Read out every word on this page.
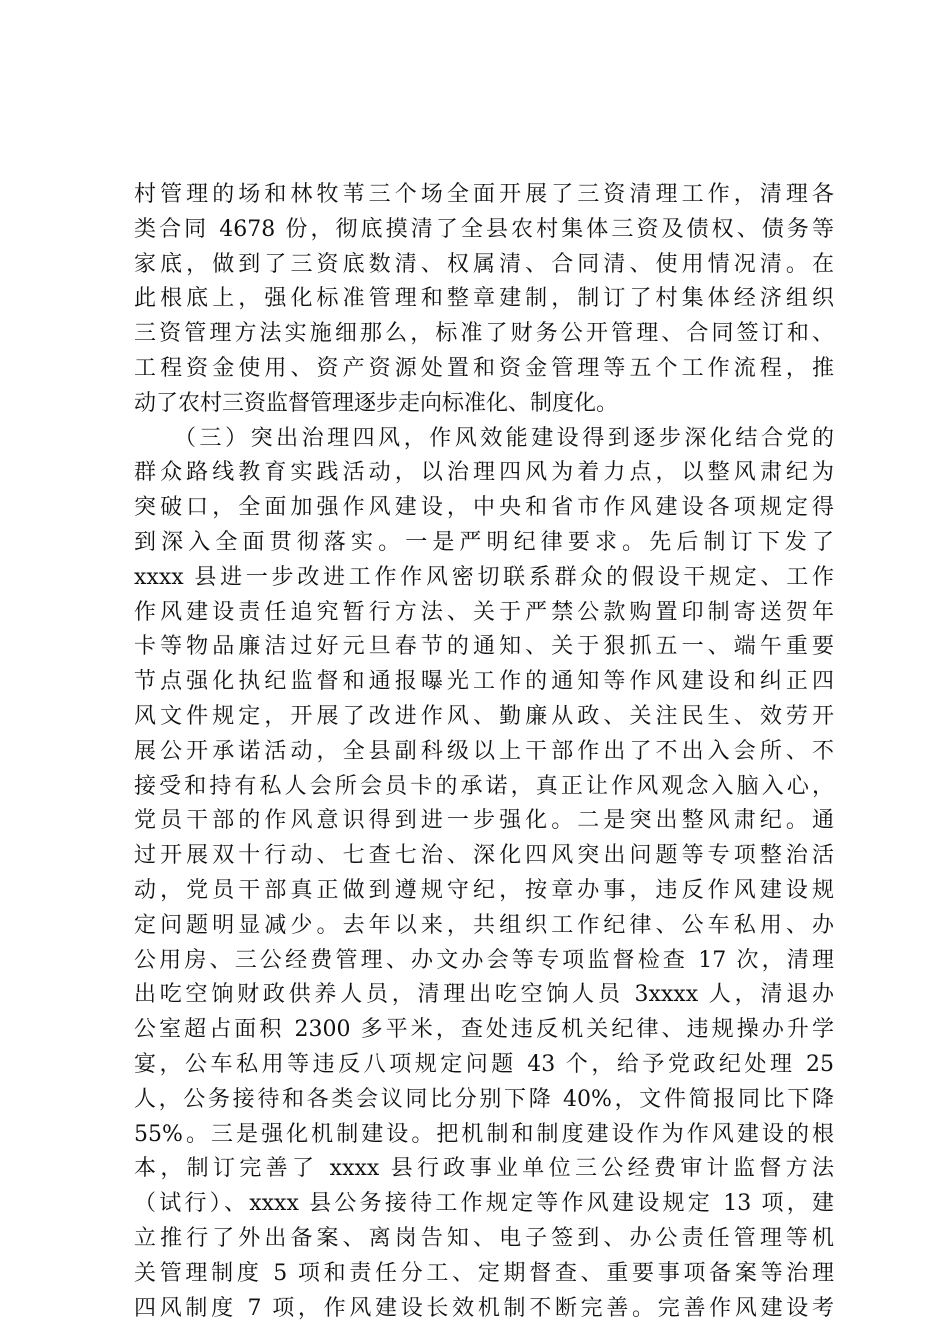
村管理的场和林牧苇三个场全面开展了三资清理工作，清理各
类合同 4678 份，彻底摸清了全县农村集体三资及债权、债务等
家底，做到了三资底数清、权属清、合同清、使用情况清。在
此根底上，强化标准管理和整章建制，制订了村集体经济组织
三资管理方法实施细那么，标准了财务公开管理、合同签订和、
工程资金使用、资产资源处置和资金管理等五个工作流程，推
动了农村三资监督管理逐步走向标准化、制度化。
　　（三）突出治理四风，作风效能建设得到逐步深化结合党的
群众路线教育实践活动，以治理四风为着力点，以整风肃纪为
突破口，全面加强作风建设，中央和省市作风建设各项规定得
到深入全面贯彻落实。一是严明纪律要求。先后制订下发了
xxxx 县进一步改进工作作风密切联系群众的假设干规定、工作
作风建设责任追究暂行方法、关于严禁公款购置印制寄送贺年
卡等物品廉洁过好元旦春节的通知、关于狠抓五一、端午重要
节点强化执纪监督和通报曝光工作的通知等作风建设和纠正四
风文件规定，开展了改进作风、勤廉从政、关注民生、效劳开
展公开承诺活动，全县副科级以上干部作出了不出入会所、不
接受和持有私人会所会员卡的承诺，真正让作风观念入脑入心，
党员干部的作风意识得到进一步强化。二是突出整风肃纪。通
过开展双十行动、七查七治、深化四风突出问题等专项整治活
动，党员干部真正做到遵规守纪，按章办事，违反作风建设规
定问题明显减少。去年以来，共组织工作纪律、公车私用、办
公用房、三公经费管理、办文办会等专项监督检查 17 次，清理
出吃空饷财政供养人员，清理出吃空饷人员 3xxxx 人，清退办
公室超占面积 2300 多平米，查处违反机关纪律、违规操办升学
宴，公车私用等违反八项规定问题 43 个，给予党政纪处理 25
人，公务接待和各类会议同比分别下降 40%，文件简报同比下降
55%。三是强化机制建设。把机制和制度建设作为作风建设的根
本，制订完善了 xxxx 县行政事业单位三公经费审计监督方法
（试行）、xxxx 县公务接待工作规定等作风建设规定 13 项，建
立推行了外出备案、离岗告知、电子签到、办公责任管理等机
关管理制度 5 项和责任分工、定期督查、重要事项备案等治理
四风制度 7 项，作风建设长效机制不断完善。完善作风建设考
